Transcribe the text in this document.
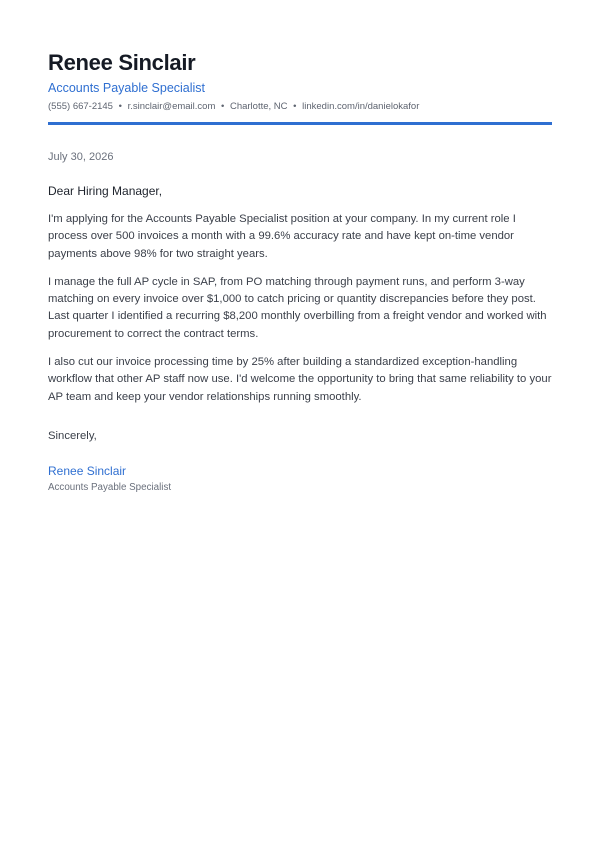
Renee Sinclair
Accounts Payable Specialist
(555) 667-2145 • r.sinclair@email.com • Charlotte, NC • linkedin.com/in/danielokafor
July 30, 2026
Dear Hiring Manager,

I'm applying for the Accounts Payable Specialist position at your company. In my current role I process over 500 invoices a month with a 99.6% accuracy rate and have kept on-time vendor payments above 98% for two straight years.

I manage the full AP cycle in SAP, from PO matching through payment runs, and perform 3-way matching on every invoice over $1,000 to catch pricing or quantity discrepancies before they post. Last quarter I identified a recurring $8,200 monthly overbilling from a freight vendor and worked with procurement to correct the contract terms.

I also cut our invoice processing time by 25% after building a standardized exception-handling workflow that other AP staff now use. I'd welcome the opportunity to bring that same reliability to your AP team and keep your vendor relationships running smoothly.

Sincerely,
Renee Sinclair
Accounts Payable Specialist
